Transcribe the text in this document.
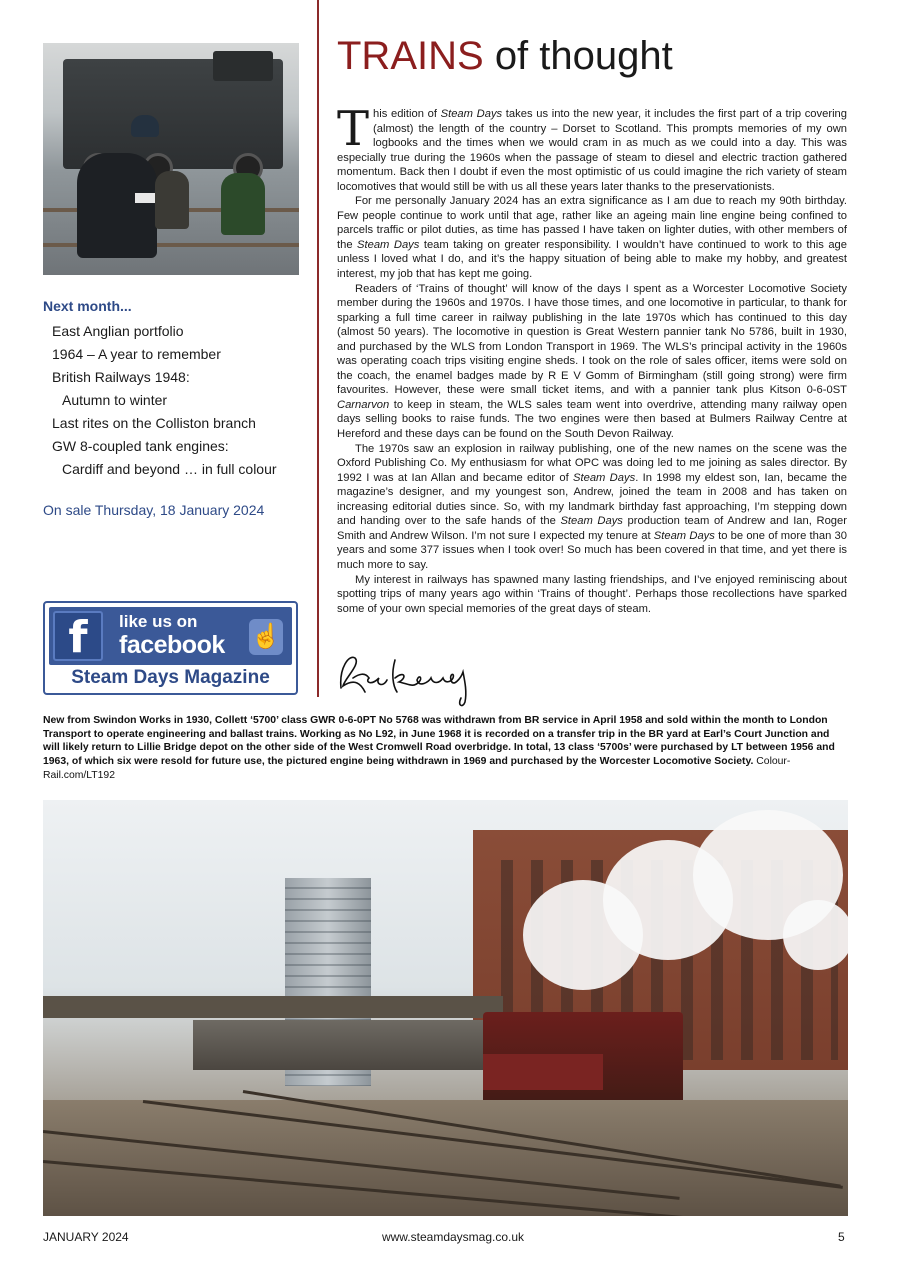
Next month...
East Anglian portfolio
1964 – A year to remember
British Railways 1948:
Autumn to winter
Last rites on the Colliston branch
GW 8-coupled tank engines:
Cardiff and beyond … in full colour
On sale Thursday, 18 January 2024
f	like us on
facebook ☝
Steam Days Magazine
TRAINS of thought

This edition of Steam Days takes us into the new year, it includes the first part of a trip covering (almost) the length of the country – Dorset to Scotland. This prompts memories of my own logbooks and the times when we would cram in as much as we could into a day. This was especially true during the 1960s when the passage of steam to diesel and electric traction gathered momentum. Back then I doubt if even the most optimistic of us could imagine the rich variety of steam locomotives that would still be with us all these years later thanks to the preservationists.

For me personally January 2024 has an extra significance as I am due to reach my 90th birthday. Few people continue to work until that age, rather like an ageing main line engine being confined to parcels traffic or pilot duties, as time has passed I have taken on lighter duties, with other members of the Steam Days team taking on greater responsibility. I wouldn’t have continued to work to this age unless I loved what I do, and it’s the happy situation of being able to make my hobby, and greatest interest, my job that has kept me going.

Readers of ‘Trains of thought’ will know of the days I spent as a Worcester Locomotive Society member during the 1960s and 1970s. I have those times, and one locomotive in particular, to thank for sparking a full time career in railway publishing in the late 1970s which has continued to this day (almost 50 years). The locomotive in question is Great Western pannier tank No 5786, built in 1930, and purchased by the WLS from London Transport in 1969. The WLS’s principal activity in the 1960s was operating coach trips visiting engine sheds. I took on the role of sales officer, items were sold on the coach, the enamel badges made by R E V Gomm of Birmingham (still going strong) were firm favourites. However, these were small ticket items, and with a pannier tank plus Kitson 0-6-0ST Carnarvon to keep in steam, the WLS sales team went into overdrive, attending many railway open days selling books to raise funds. The two engines were then based at Bulmers Railway Centre at Hereford and these days can be found on the South Devon Railway.

The 1970s saw an explosion in railway publishing, one of the new names on the scene was the Oxford Publishing Co. My enthusiasm for what OPC was doing led to me joining as sales director. By 1992 I was at Ian Allan and became editor of Steam Days. In 1998 my eldest son, Ian, became the magazine’s designer, and my youngest son, Andrew, joined the team in 2008 and has taken on increasing editorial duties since. So, with my landmark birthday fast approaching, I’m stepping down and handing over to the safe hands of the Steam Days production team of Andrew and Ian, Roger Smith and Andrew Wilson. I’m not sure I expected my tenure at Steam Days to be one of more than 30 years and some 377 issues when I took over! So much has been covered in that time, and yet there is much more to say.

My interest in railways has spawned many lasting friendships, and I’ve enjoyed reminiscing about spotting trips of many years ago within ‘Trains of thought’. Perhaps those recollections have sparked some of your own special memories of the great days of steam.

New from Swindon Works in 1930, Collett ‘5700’ class GWR 0-6-0PT No 5768 was withdrawn from BR service in April 1958 and sold within the month to London Transport to operate engineering and ballast trains. Working as No L92, in June 1968 it is recorded on a transfer trip in the BR yard at Earl’s Court Junction and will likely return to Lillie Bridge depot on the other side of the West Cromwell Road overbridge. In total, 13 class ‘5700s’ were purchased by LT between 1956 and 1963, of which six were resold for future use, the pictured engine being withdrawn in 1969 and purchased by the Worcester Locomotive Society. Colour-Rail.com/LT192
JANUARY 2024	www.steamdaysmag.co.uk	5
